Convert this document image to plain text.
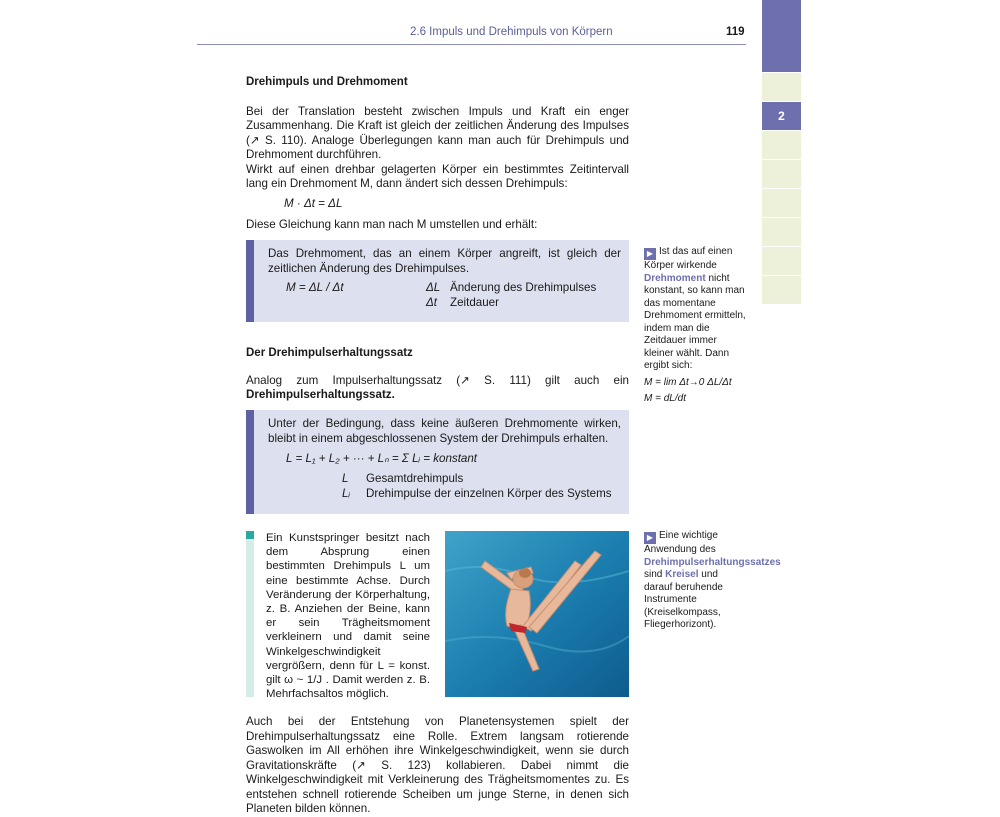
2.6 Impuls und Drehimpuls von Körpern	119
2
Drehimpuls und Drehmoment

Bei der Translation besteht zwischen Impuls und Kraft ein enger Zusammenhang. Die Kraft ist gleich der zeitlichen Änderung des Impulses (↗ S. 110). Analoge Überlegungen kann man auch für Drehimpuls und Drehmoment durchführen.

Wirkt auf einen drehbar gelagerten Körper ein bestimmtes Zeitintervall lang ein Drehmoment M, dann ändert sich dessen Drehimpuls:

M · Δt = ΔL

Diese Gleichung kann man nach M umstellen und erhält:

Das Drehmoment, das an einem Körper angreift, ist gleich der zeitlichen Änderung des Drehimpulses.

M = ΔL / Δt	ΔL Änderung des Drehimpulses
Δt	Zeitdauer
Der Drehimpulserhaltungssatz

Analog zum Impulserhaltungssatz (↗ S. 111) gilt auch ein Drehimpulserhaltungssatz.

Unter der Bedingung, dass keine äußeren Drehmomente wirken, bleibt in einem abgeschlossenen System der Drehimpuls erhalten.

L = L₁ + L₂ + ··· + Lₙ = Σ Lᵢ = konstant
L	Gesamtdrehimpuls
Lᵢ	Drehimpulse der einzelnen Körper des Systems

Ein Kunstspringer besitzt nach dem Absprung einen bestimmten Drehimpuls L um eine bestimmte Achse. Durch Veränderung der Körperhaltung, z. B. Anziehen der Beine, kann er sein Trägheitsmoment verkleinern und damit seine Winkelgeschwindigkeit vergrößern, denn für L = konst. gilt ω ~ 1/J . Damit werden z. B. Mehrfachsaltos möglich.

Auch bei der Entstehung von Planetensystemen spielt der Drehimpulserhaltungssatz eine Rolle. Extrem langsam rotierende Gaswolken im All erhöhen ihre Winkelgeschwindigkeit, wenn sie durch Gravitationskräfte (↗ S. 123) kollabieren. Dabei nimmt die Winkelgeschwindigkeit mit Verkleinerung des Trägheitsmomentes zu. Es entstehen schnell rotierende Scheiben um junge Sterne, in denen sich Planeten bilden können.

▶ Ist das auf einen Körper wirkende Drehmoment nicht konstant, so kann man das momentane Drehmoment ermitteln, indem man die Zeitdauer immer kleiner wählt. Dann ergibt sich:
M = lim Δt→0 ΔL/Δt
M = dL/dt
▶ Eine wichtige Anwendung des Drehimpulserhaltungssatzes sind Kreisel und darauf beruhende Instrumente (Kreiselkompass, Fliegerhorizont).
